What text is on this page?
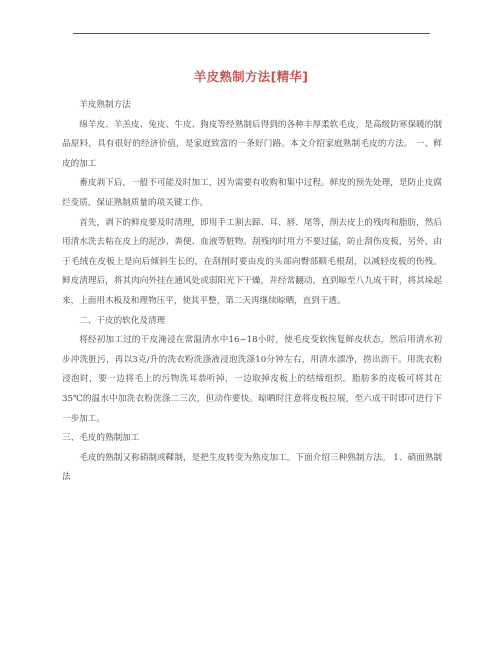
羊皮熟制方法[精华]

羊皮熟制方法

绵羊皮、羊羔皮、兔皮、牛皮、狗皮等经熟制后得到的各种丰厚柔软毛皮，是高级防寒保暖的制品原料，具有很好的经济价值，是家庭致富的一条好门路。本文介绍家庭熟制毛皮的方法。 一、鲜皮的加工

畜皮剥下后，一般不可能及时加工，因为需要有收购和集中过程。鲜皮的预先处理，是防止皮腐烂变质，保证熟制质量的项关键工作。

首先，剥下的鲜皮要及时清理，即用手工割去蹄、耳、唇、尾等，削去皮上的残肉和脂肪，然后用清水洗去粘在皮上的泥沙、粪便、血液等脏物。刮残肉时用力不要过猛，防止刮伤皮板，另外，由于毛绒在皮板上是向后倾斜生长的，在刮削时要由皮的头部向臀部顺毛根刮，以减轻皮板的伤残。 鲜皮清理后，将其肉向外挂在通风处或弱阳光下干燥，并经常翻动，直到晾至八九成干时，将其垛起来，上面用木板及和理物压平，使其平整，第二天再继续晾晒，直到干透。

二、干皮的软化及清理

将经初加工过的干皮淹浸在常温清水中16~18小时，使毛皮变软恢复鲜皮状态，然后用清水初步冲洗脏污，再以3克/升的洗衣粉洗涤液浸泡洗涤10分钟左右，用清水漂净，捞出沥干。用洗衣粉浸泡时，要一边将毛上的污物洗耳恭听掉，一边取掉皮板上的结缔组织。脂肪多的皮板可将其在35℃的温水中加洗衣粉洗涤二三次，但动作要快。晾晒时注意将皮板拉展，至六成干时即可进行下一步加工。

三、毛皮的熟制加工

毛皮的熟制又称硝制或鞣制，是把生皮转变为熟皮加工。下面介绍三种熟制方法。 1、硝面熟制法
